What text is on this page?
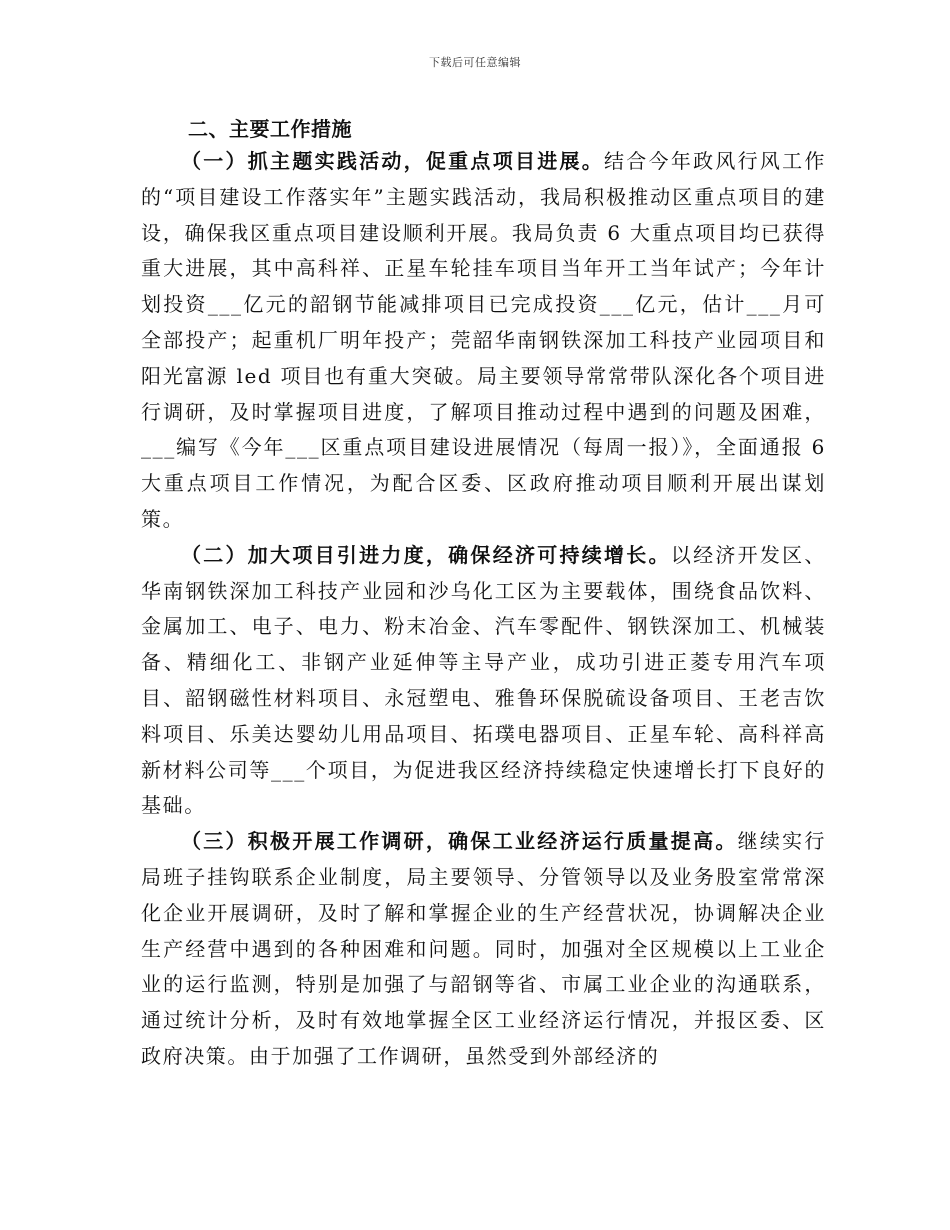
下载后可任意编辑
二、主要工作措施

（一）抓主题实践活动，促重点项目进展。结合今年政风行风工作的“项目建设工作落实年”主题实践活动，我局积极推动区重点项目的建设，确保我区重点项目建设顺利开展。我局负责 6 大重点项目均已获得重大进展，其中高科祥、正星车轮挂车项目当年开工当年试产；今年计划投资___亿元的韶钢节能减排项目已完成投资___亿元，估计___月可全部投产；起重机厂明年投产；莞韶华南钢铁深加工科技产业园项目和阳光富源 led 项目也有重大突破。局主要领导常常带队深化各个项目进行调研，及时掌握项目进度，了解项目推动过程中遇到的问题及困难，___编写《今年___区重点项目建设进展情况（每周一报）》，全面通报 6 大重点项目工作情况，为配合区委、区政府推动项目顺利开展出谋划策。

（二）加大项目引进力度，确保经济可持续增长。以经济开发区、华南钢铁深加工科技产业园和沙乌化工区为主要载体，围绕食品饮料、金属加工、电子、电力、粉末冶金、汽车零配件、钢铁深加工、机械装备、精细化工、非钢产业延伸等主导产业，成功引进正菱专用汽车项目、韶钢磁性材料项目、永冠塑电、雅鲁环保脱硫设备项目、王老吉饮料项目、乐美达婴幼儿用品项目、拓璞电器项目、正星车轮、高科祥高新材料公司等___个项目，为促进我区经济持续稳定快速增长打下良好的基础。

（三）积极开展工作调研，确保工业经济运行质量提高。继续实行局班子挂钩联系企业制度，局主要领导、分管领导以及业务股室常常深化企业开展调研，及时了解和掌握企业的生产经营状况，协调解决企业生产经营中遇到的各种困难和问题。同时，加强对全区规模以上工业企业的运行监测，特别是加强了与韶钢等省、市属工业企业的沟通联系，通过统计分析，及时有效地掌握全区工业经济运行情况，并报区委、区政府决策。由于加强了工作调研，虽然受到外部经济的
